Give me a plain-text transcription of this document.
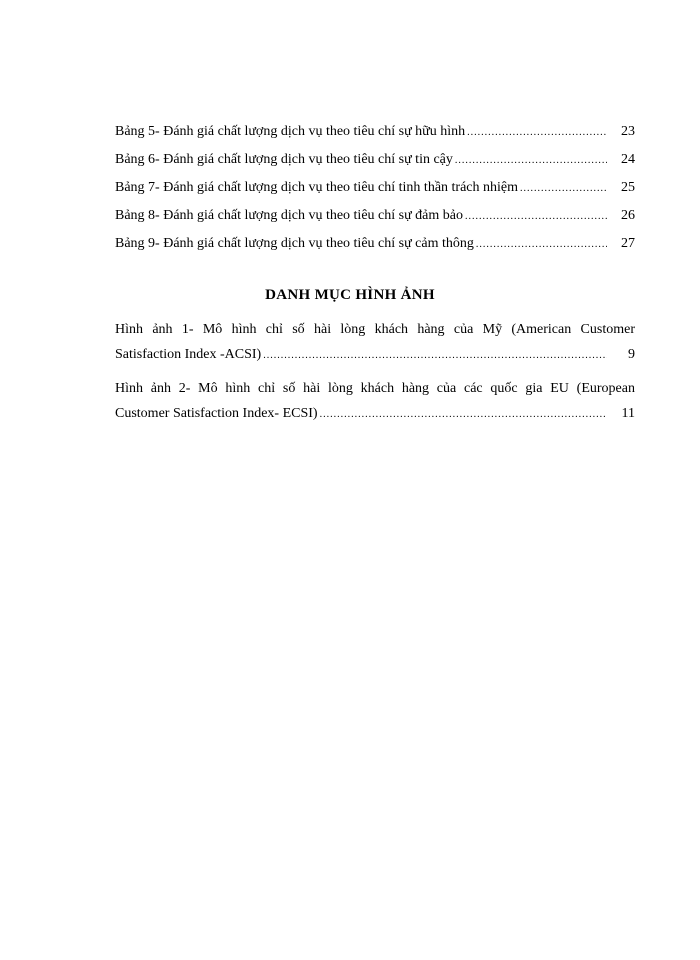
Bảng 5- Đánh giá chất lượng dịch vụ theo tiêu chí sự hữu hình .....	23
Bảng 6- Đánh giá chất lượng dịch vụ theo tiêu chí sự tin cậy .....	24
Bảng 7- Đánh giá chất lượng dịch vụ theo tiêu chí tinh thần trách nhiệm .....	25
Bảng 8- Đánh giá chất lượng dịch vụ theo tiêu chí sự đảm bảo .....	26
Bảng 9- Đánh giá chất lượng dịch vụ theo tiêu chí sự cảm thông .....	27
DANH MỤC HÌNH ẢNH
Hình ảnh 1- Mô hình chỉ số hài lòng khách hàng của Mỹ (American Customer
Satisfaction Index -ACSI) .....	9
Hình ảnh 2- Mô hình chỉ số hài lòng khách hàng của các quốc gia EU (European
Customer Satisfaction Index- ECSI) .....	11
